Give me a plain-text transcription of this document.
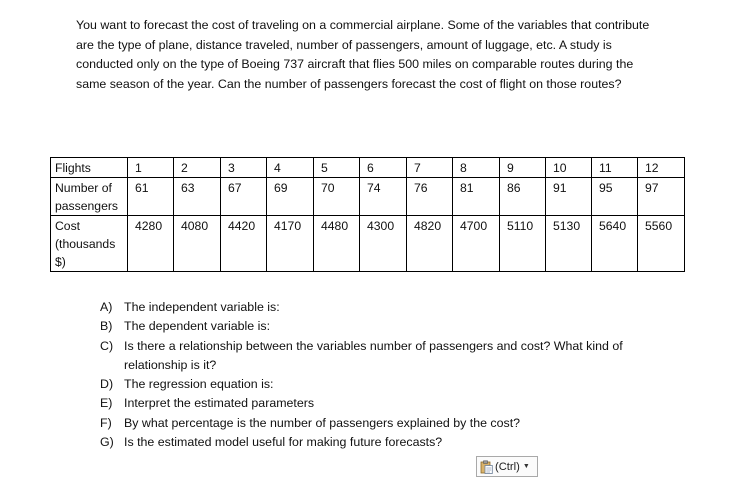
You want to forecast the cost of traveling on a commercial airplane. Some of the variables that contribute are the type of plane, distance traveled, number of passengers, amount of luggage, etc. A study is conducted only on the type of Boeing 737 aircraft that flies 500 miles on comparable routes during the same season of the year. Can the number of passengers forecast the cost of flight on those routes?

Flights	1	2	3	4	5	6	7	8	9	10	11	12
Number of passengers	61	63	67	69	70	74	76	81	86	91	95	97
Cost (thousands $)	4280	4080	4420	4170	4480	4300	4820	4700	5110	5130	5640	5560
A) The independent variable is:
B) The dependent variable is:
C) Is there a relationship between the variables number of passengers and cost? What kind of relationship is it?
D) The regression equation is:
E) Interpret the estimated parameters
F) By what percentage is the number of passengers explained by the cost?
G) Is the estimated model useful for making future forecasts?
(Ctrl) ▼
